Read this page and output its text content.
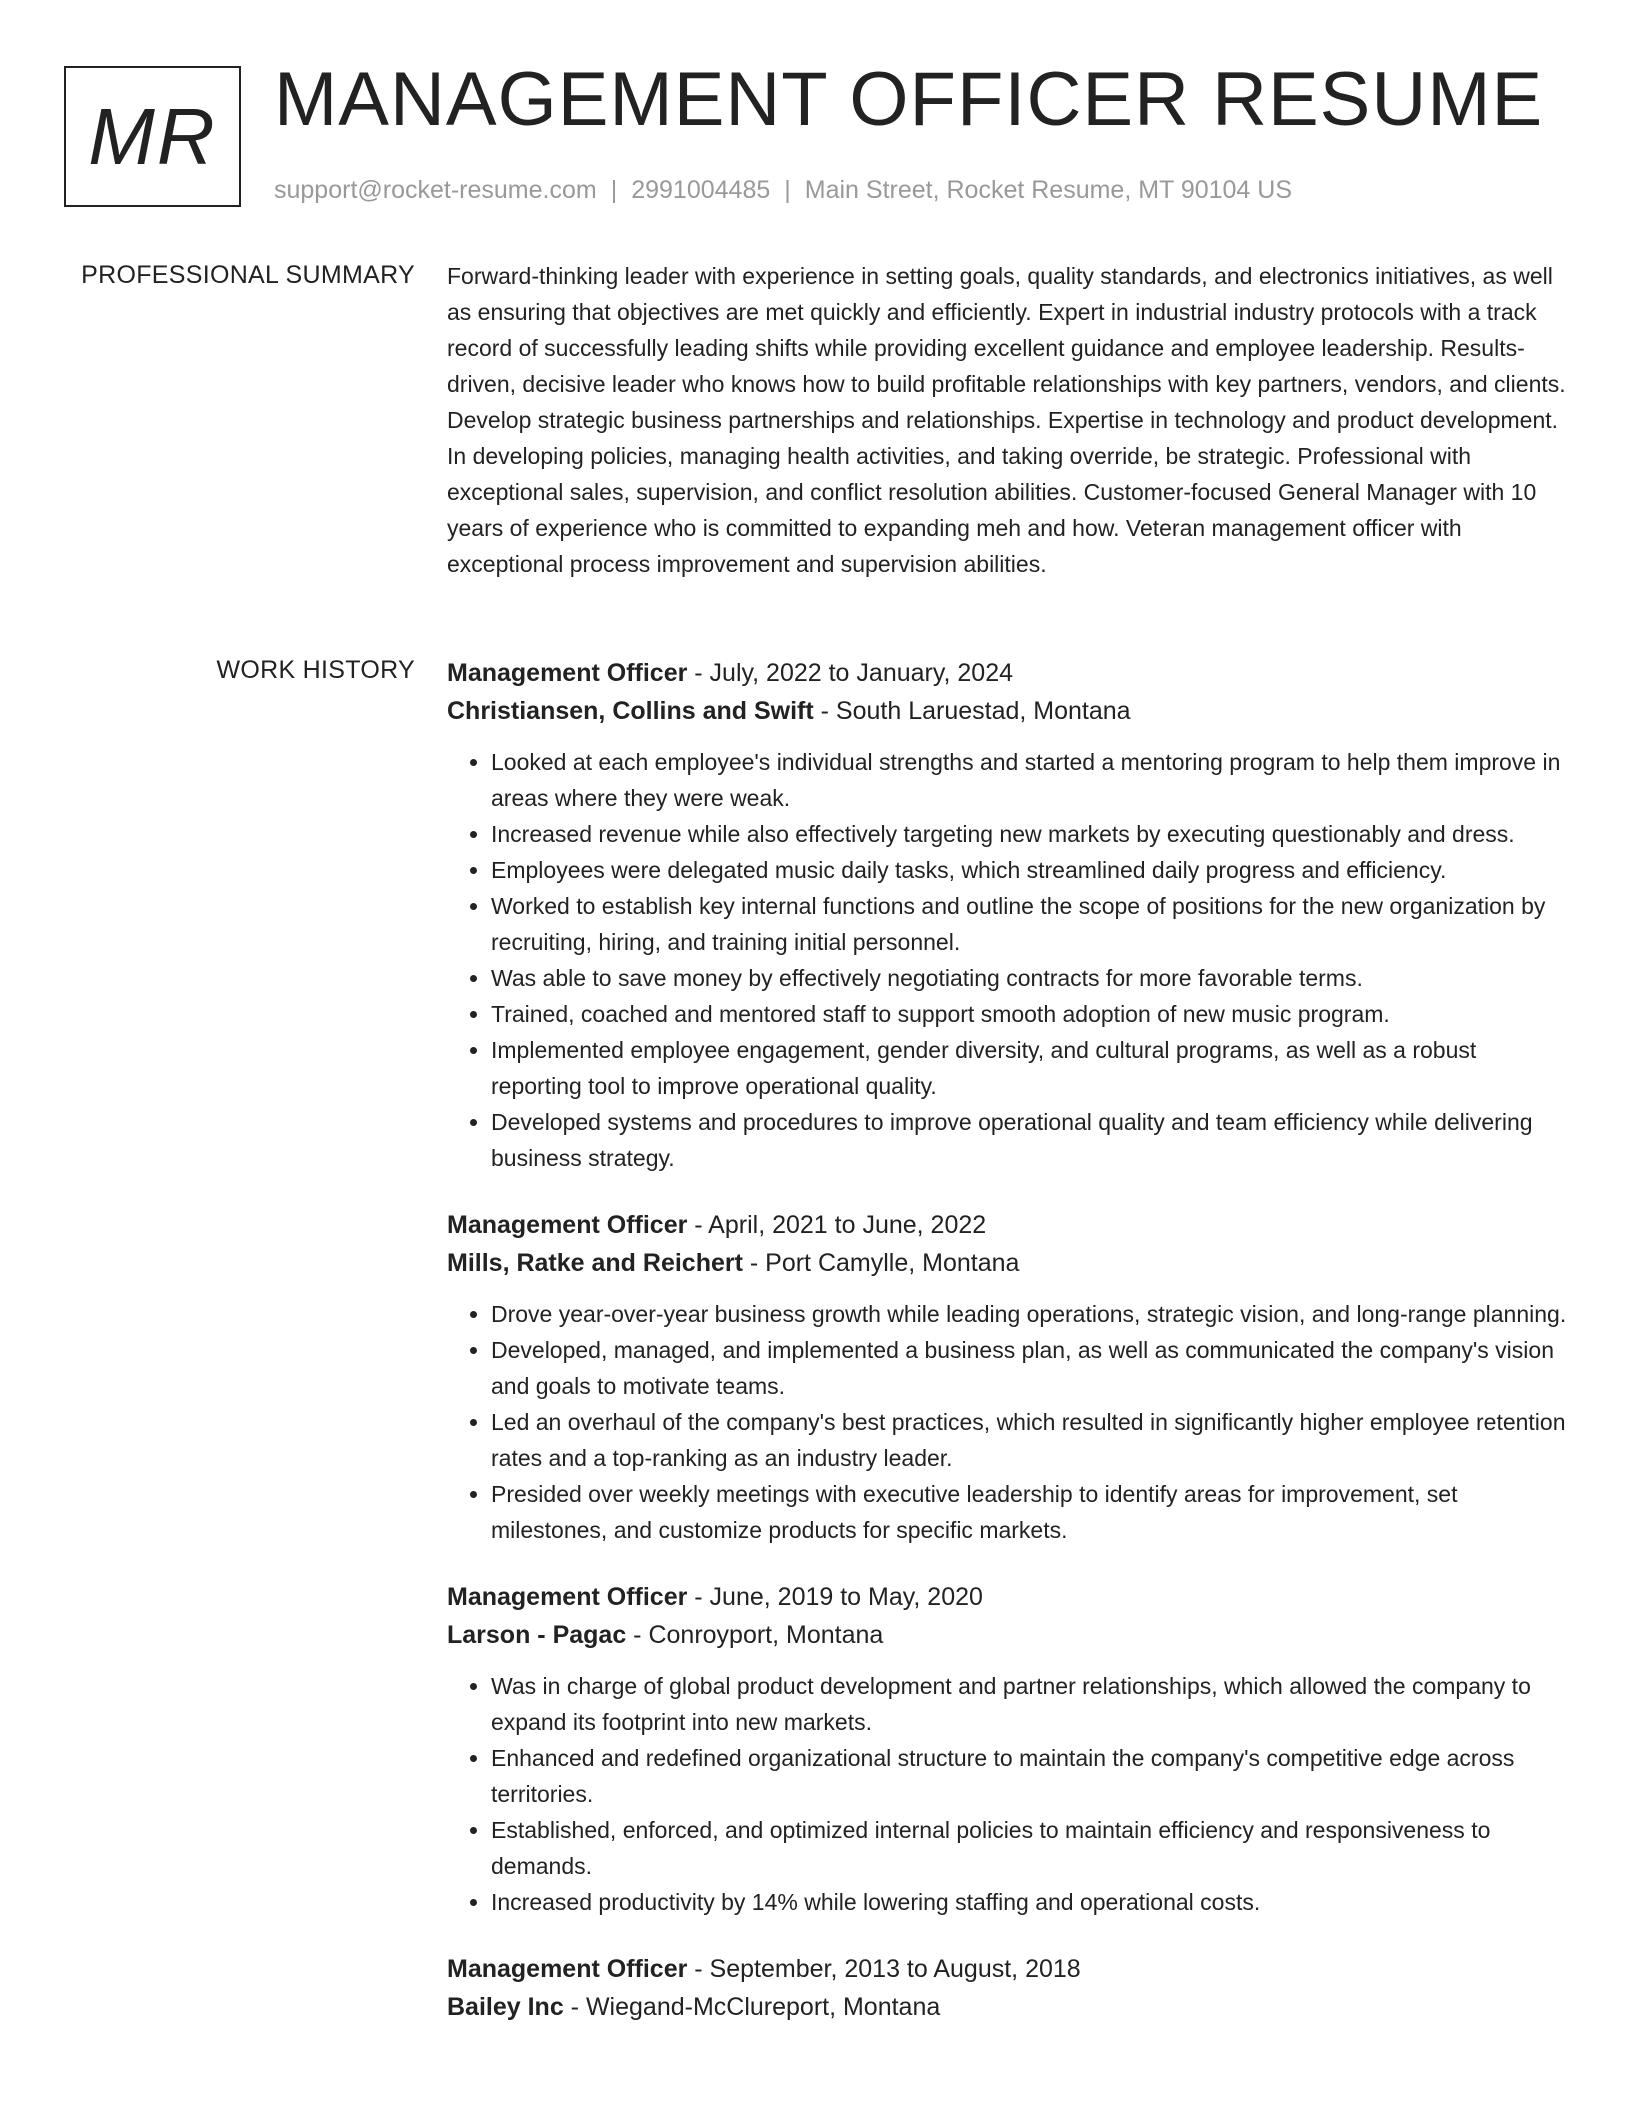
MR MANAGEMENT OFFICER RESUME
support@rocket-resume.com | 2991004485 | Main Street, Rocket Resume, MT 90104 US
PROFESSIONAL SUMMARY Forward-thinking leader with experience in setting goals, quality standards, and electronics initiatives, as well as ensuring that objectives are met quickly and efficiently. Expert in industrial industry protocols with a track record of successfully leading shifts while providing excellent guidance and employee leadership. Results-driven, decisive leader who knows how to build profitable relationships with key partners, vendors, and clients. Develop strategic business partnerships and relationships. Expertise in technology and product development. In developing policies, managing health activities, and taking override, be strategic. Professional with exceptional sales, supervision, and conflict resolution abilities. Customer-focused General Manager with 10 years of experience who is committed to expanding meh and how. Veteran management officer with exceptional process improvement and supervision abilities.

WORK HISTORY Management Officer - July, 2022 to January, 2024
Christiansen, Collins and Swift - South Laruestad, Montana
• Looked at each employee's individual strengths and started a mentoring program to help them improve in areas where they were weak.
• Increased revenue while also effectively targeting new markets by executing questionably and dress.
• Employees were delegated music daily tasks, which streamlined daily progress and efficiency.
• Worked to establish key internal functions and outline the scope of positions for the new organization by recruiting, hiring, and training initial personnel.
• Was able to save money by effectively negotiating contracts for more favorable terms.
• Trained, coached and mentored staff to support smooth adoption of new music program.
• Implemented employee engagement, gender diversity, and cultural programs, as well as a robust reporting tool to improve operational quality.
• Developed systems and procedures to improve operational quality and team efficiency while delivering business strategy.
Management Officer - April, 2021 to June, 2022
Mills, Ratke and Reichert - Port Camylle, Montana
• Drove year-over-year business growth while leading operations, strategic vision, and long-range planning.
• Developed, managed, and implemented a business plan, as well as communicated the company's vision and goals to motivate teams.
• Led an overhaul of the company's best practices, which resulted in significantly higher employee retention rates and a top-ranking as an industry leader.
• Presided over weekly meetings with executive leadership to identify areas for improvement, set milestones, and customize products for specific markets.
Management Officer - June, 2019 to May, 2020
Larson - Pagac - Conroyport, Montana
• Was in charge of global product development and partner relationships, which allowed the company to expand its footprint into new markets.
• Enhanced and redefined organizational structure to maintain the company's competitive edge across territories.
• Established, enforced, and optimized internal policies to maintain efficiency and responsiveness to demands.
• Increased productivity by 14% while lowering staffing and operational costs.
Management Officer - September, 2013 to August, 2018
Bailey Inc - Wiegand-McClureport, Montana
